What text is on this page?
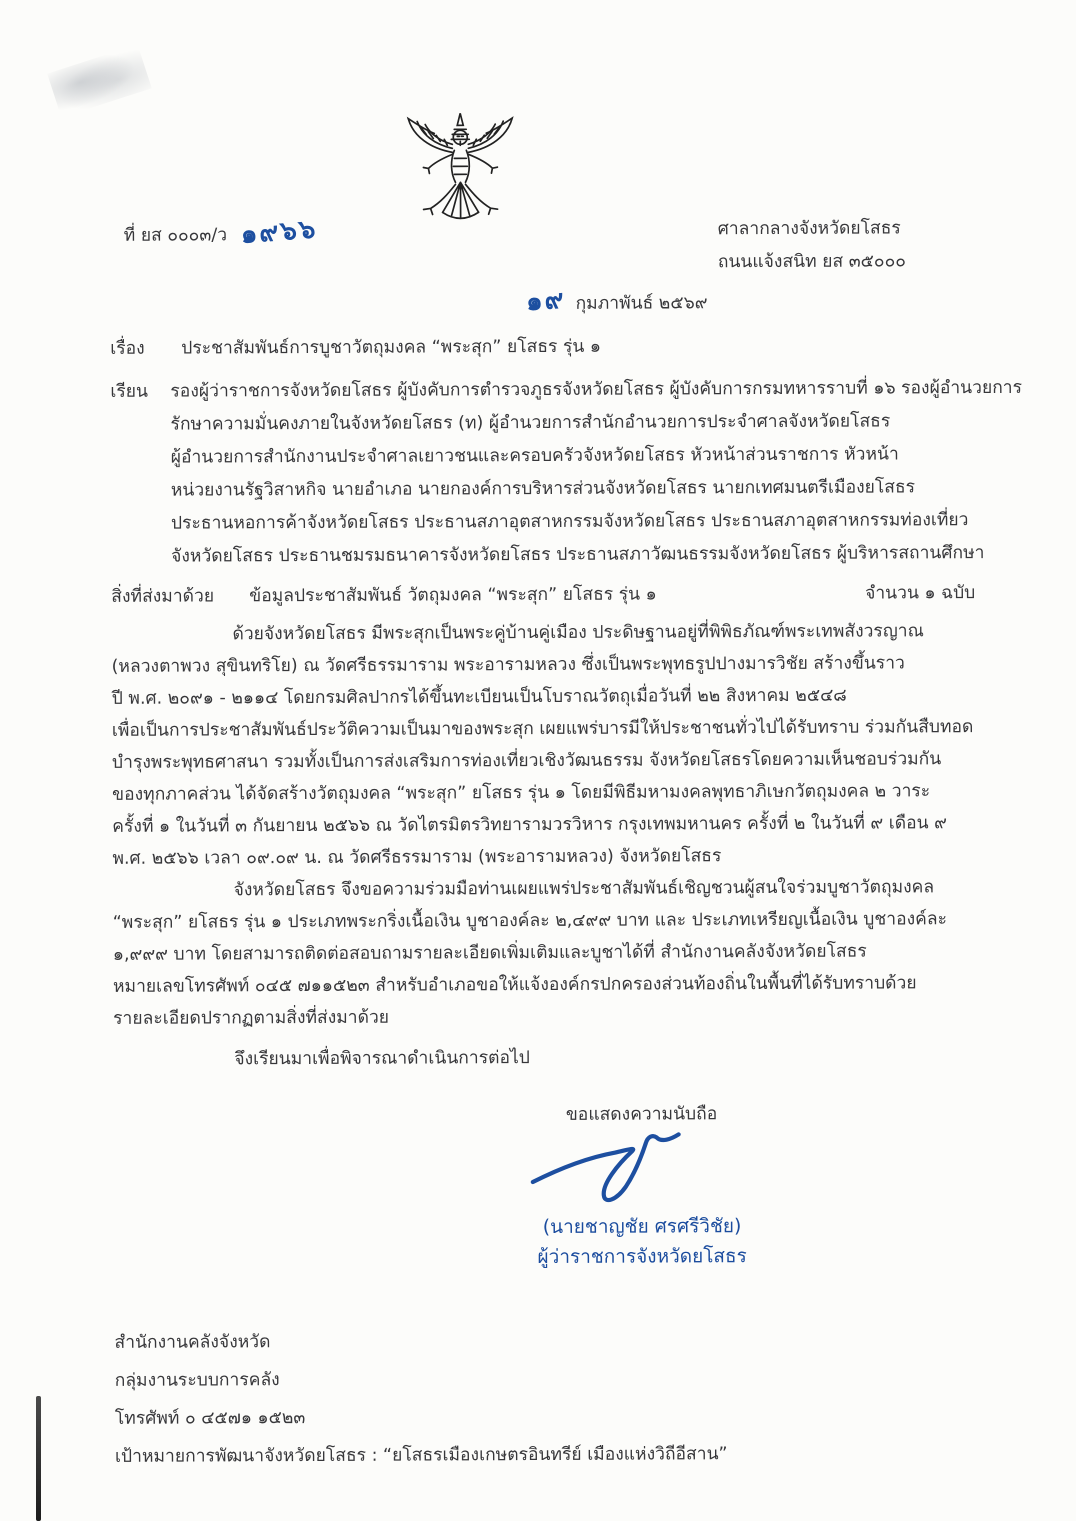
ที่ ยส ๐๐๐๓/ว ๑๙๖๖	ศาลากลางจังหวัดยโสธร
ถนนแจ้งสนิท ยส ๓๕๐๐๐
๑๙ กุมภาพันธ์ ๒๕๖๙
เรื่อง	ประชาสัมพันธ์การบูชาวัตถุมงคล “พระสุก” ยโสธร รุ่น ๑
เรียน รองผู้ว่าราชการจังหวัดยโสธร ผู้บังคับการตำรวจภูธรจังหวัดยโสธร ผู้บังคับการกรมทหารราบที่ ๑๖ รองผู้อำนวยการ
รักษาความมั่นคงภายในจังหวัดยโสธร (ท) ผู้อำนวยการสำนักอำนวยการประจำศาลจังหวัดยโสธร
ผู้อำนวยการสำนักงานประจำศาลเยาวชนและครอบครัวจังหวัดยโสธร หัวหน้าส่วนราชการ หัวหน้า
หน่วยงานรัฐวิสาหกิจ นายอำเภอ นายกองค์การบริหารส่วนจังหวัดยโสธร นายกเทศมนตรีเมืองยโสธร
ประธานหอการค้าจังหวัดยโสธร ประธานสภาอุตสาหกรรมจังหวัดยโสธร ประธานสภาอุตสาหกรรมท่องเที่ยว
จังหวัดยโสธร ประธานชมรมธนาคารจังหวัดยโสธร ประธานสภาวัฒนธรรมจังหวัดยโสธร ผู้บริหารสถานศึกษา
สิ่งที่ส่งมาด้วย	ข้อมูลประชาสัมพันธ์ วัตถุมงคล “พระสุก” ยโสธร รุ่น ๑	จำนวน ๑ ฉบับ
ด้วยจังหวัดยโสธร มีพระสุกเป็นพระคู่บ้านคู่เมือง ประดิษฐานอยู่ที่พิพิธภัณฑ์พระเทพสังวรญาณ
(หลวงตาพวง สุขินทริโย) ณ วัดศรีธรรมาราม พระอารามหลวง ซึ่งเป็นพระพุทธรูปปางมารวิชัย สร้างขึ้นราว
ปี พ.ศ. ๒๐๙๑ - ๒๑๑๔ โดยกรมศิลปากรได้ขึ้นทะเบียนเป็นโบราณวัตถุเมื่อวันที่ ๒๒ สิงหาคม ๒๕๔๘
เพื่อเป็นการประชาสัมพันธ์ประวัติความเป็นมาของพระสุก เผยแพร่บารมีให้ประชาชนทั่วไปได้รับทราบ ร่วมกันสืบทอด
บำรุงพระพุทธศาสนา รวมทั้งเป็นการส่งเสริมการท่องเที่ยวเชิงวัฒนธรรม จังหวัดยโสธรโดยความเห็นชอบร่วมกัน
ของทุกภาคส่วน ได้จัดสร้างวัตถุมงคล “พระสุก” ยโสธร รุ่น ๑ โดยมีพิธีมหามงคลพุทธาภิเษกวัตถุมงคล ๒ วาระ
ครั้งที่ ๑ ในวันที่ ๓ กันยายน ๒๕๖๖ ณ วัดไตรมิตรวิทยารามวรวิหาร กรุงเทพมหานคร ครั้งที่ ๒ ในวันที่ ๙ เดือน ๙
พ.ศ. ๒๕๖๖ เวลา ๐๙.๐๙ น. ณ วัดศรีธรรมาราม (พระอารามหลวง) จังหวัดยโสธร
จังหวัดยโสธร จึงขอความร่วมมือท่านเผยแพร่ประชาสัมพันธ์เชิญชวนผู้สนใจร่วมบูชาวัตถุมงคล
“พระสุก” ยโสธร รุ่น ๑ ประเภทพระกริ่งเนื้อเงิน บูชาองค์ละ ๒,๔๙๙ บาท และ ประเภทเหรียญเนื้อเงิน บูชาองค์ละ
๑,๙๙๙ บาท โดยสามารถติดต่อสอบถามรายละเอียดเพิ่มเติมและบูชาได้ที่ สำนักงานคลังจังหวัดยโสธร
หมายเลขโทรศัพท์ ๐๔๕ ๗๑๑๕๒๓ สำหรับอำเภอขอให้แจ้งองค์กรปกครองส่วนท้องถิ่นในพื้นที่ได้รับทราบด้วย
รายละเอียดปรากฏตามสิ่งที่ส่งมาด้วย
จึงเรียนมาเพื่อพิจารณาดำเนินการต่อไป
ขอแสดงความนับถือ
(นายชาญชัย ศรศรีวิชัย)
ผู้ว่าราชการจังหวัดยโสธร
สำนักงานคลังจังหวัด
กลุ่มงานระบบการคลัง
โทรศัพท์ ๐ ๔๕๗๑ ๑๕๒๓
เป้าหมายการพัฒนาจังหวัดยโสธร : “ยโสธรเมืองเกษตรอินทรีย์ เมืองแห่งวิถีอีสาน”
